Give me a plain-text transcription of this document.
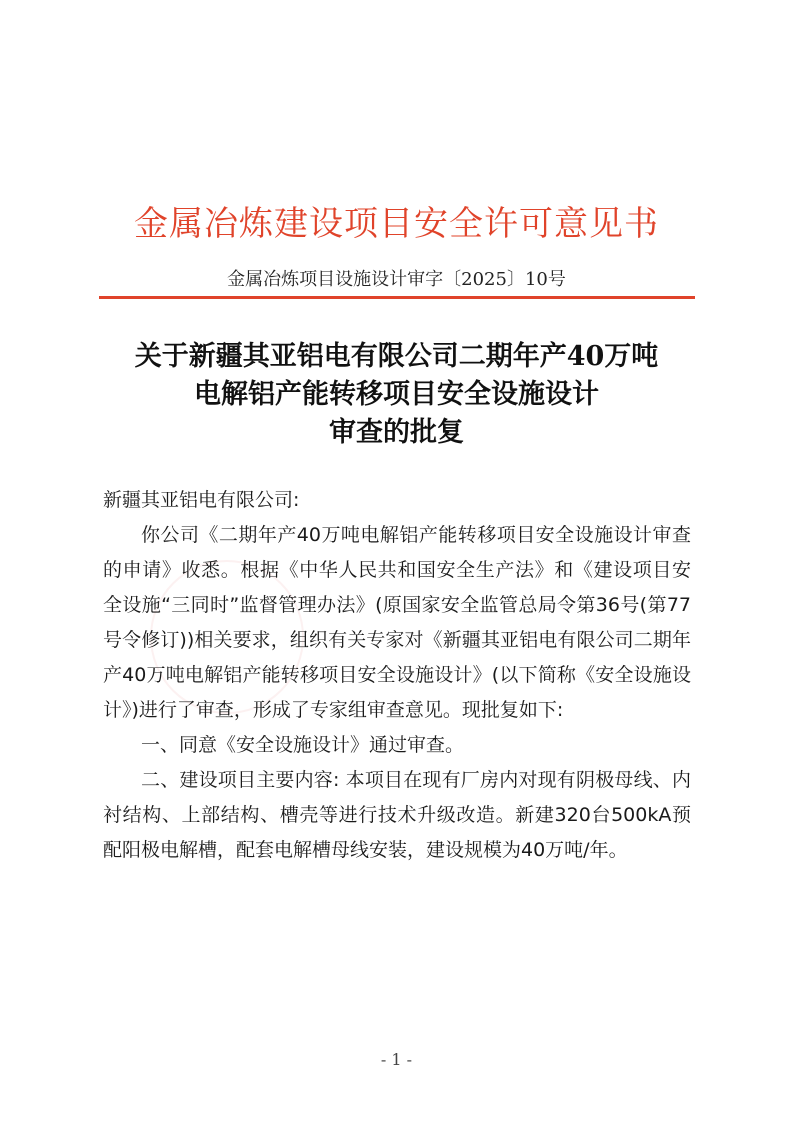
金属冶炼建设项目安全许可意见书
金属冶炼项目设施设计审字〔2025〕10号
关于新疆其亚铝电有限公司二期年产40万吨
电解铝产能转移项目安全设施设计
审查的批复

新疆其亚铝电有限公司:

你公司《二期年产40万吨电解铝产能转移项目安全设施设计审查的申请》收悉。根据《中华人民共和国安全生产法》和《建设项目安全设施“三同时”监督管理办法》(原国家安全监管总局令第36号(第77号令修订))相关要求，组织有关专家对《新疆其亚铝电有限公司二期年产40万吨电解铝产能转移项目安全设施设计》(以下简称《安全设施设计》)进行了审查，形成了专家组审查意见。现批复如下:

一、同意《安全设施设计》通过审查。

二、建设项目主要内容: 本项目在现有厂房内对现有阴极母线、内衬结构、上部结构、槽壳等进行技术升级改造。新建320台500kA预配阳极电解槽，配套电解槽母线安装，建设规模为40万吨/年。

- 1 -
